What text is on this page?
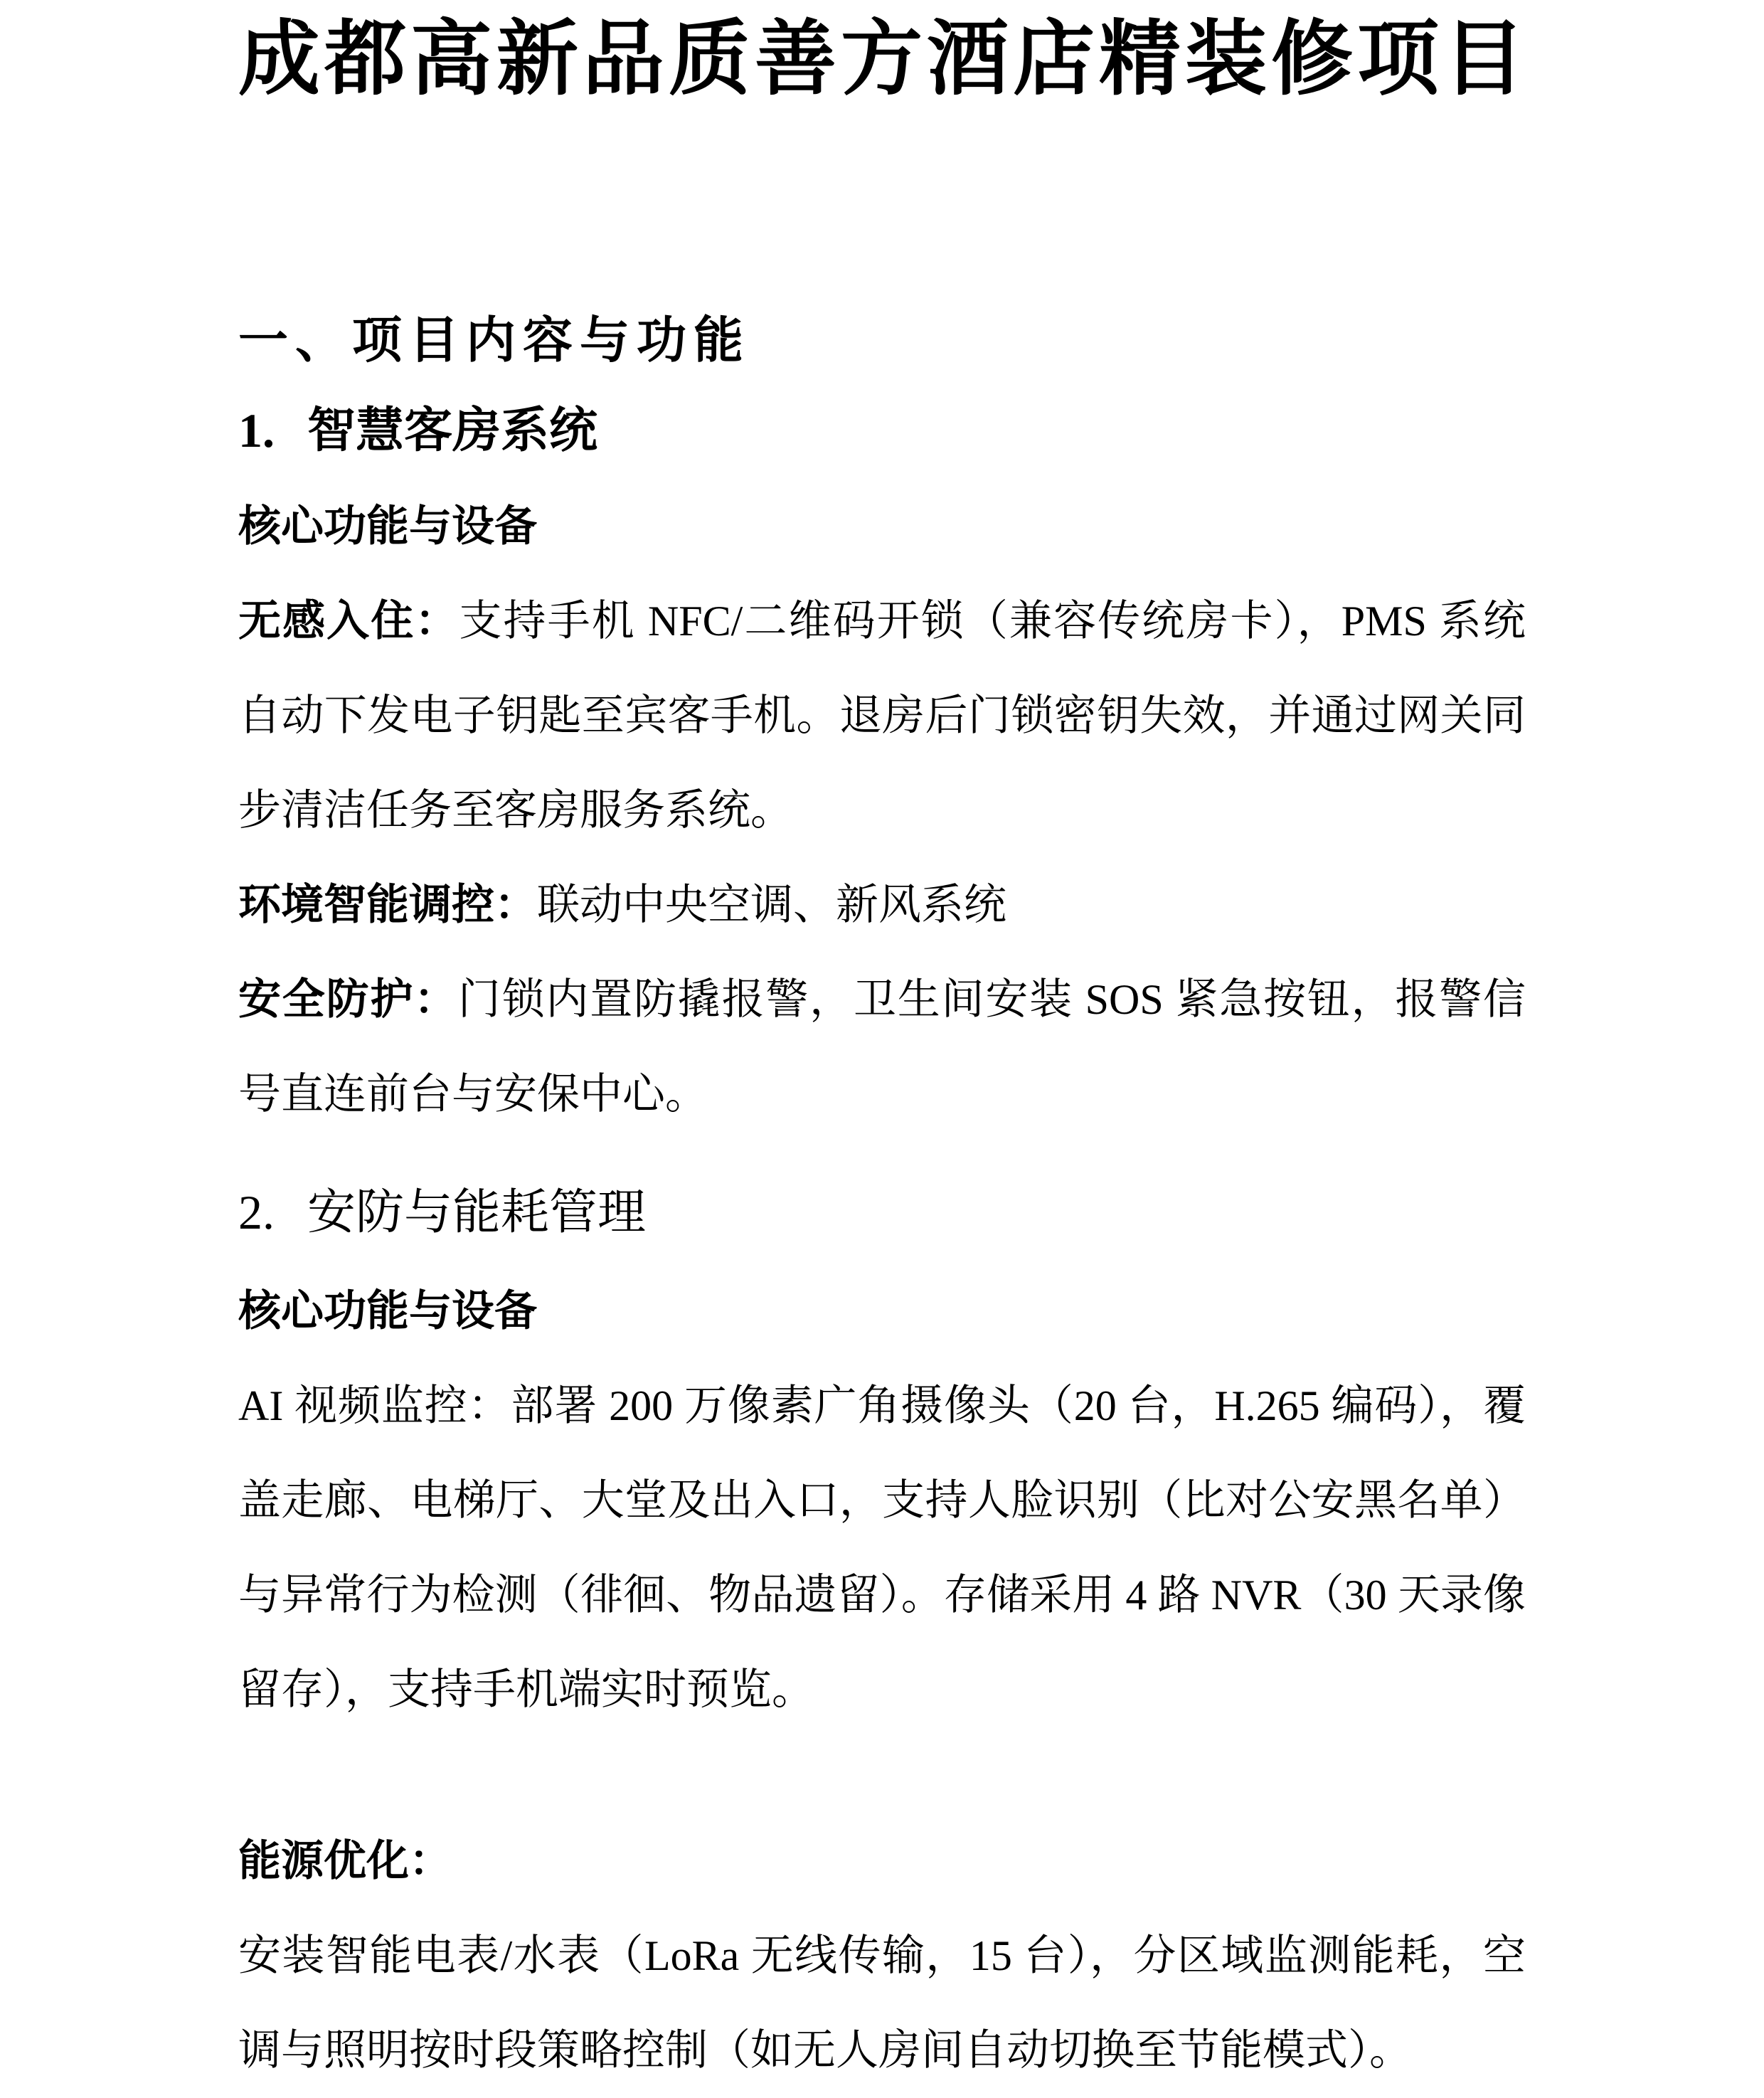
成都高新品质善方酒店精装修项目
一、项目内容与功能
1. 智慧客房系统
核心功能与设备

无感入住：支持手机 NFC/二维码开锁（兼容传统房卡），PMS 系统自动下发电子钥匙至宾客手机。退房后门锁密钥失效，并通过网关同步清洁任务至客房服务系统。

环境智能调控：联动中央空调、新风系统

安全防护：门锁内置防撬报警，卫生间安装 SOS 紧急按钮，报警信号直连前台与安保中心。

2. 安防与能耗管理
核心功能与设备

AI 视频监控：部署 200 万像素广角摄像头（20 台，H.265 编码），覆盖走廊、电梯厅、大堂及出入口，支持人脸识别（比对公安黑名单）与异常行为检测（徘徊、物品遗留）。存储采用 4 路 NVR（30 天录像留存），支持手机端实时预览。

能源优化：

安装智能电表/水表（LoRa 无线传输，15 台），分区域监测能耗，空调与照明按时段策略控制（如无人房间自动切换至节能模式）。
